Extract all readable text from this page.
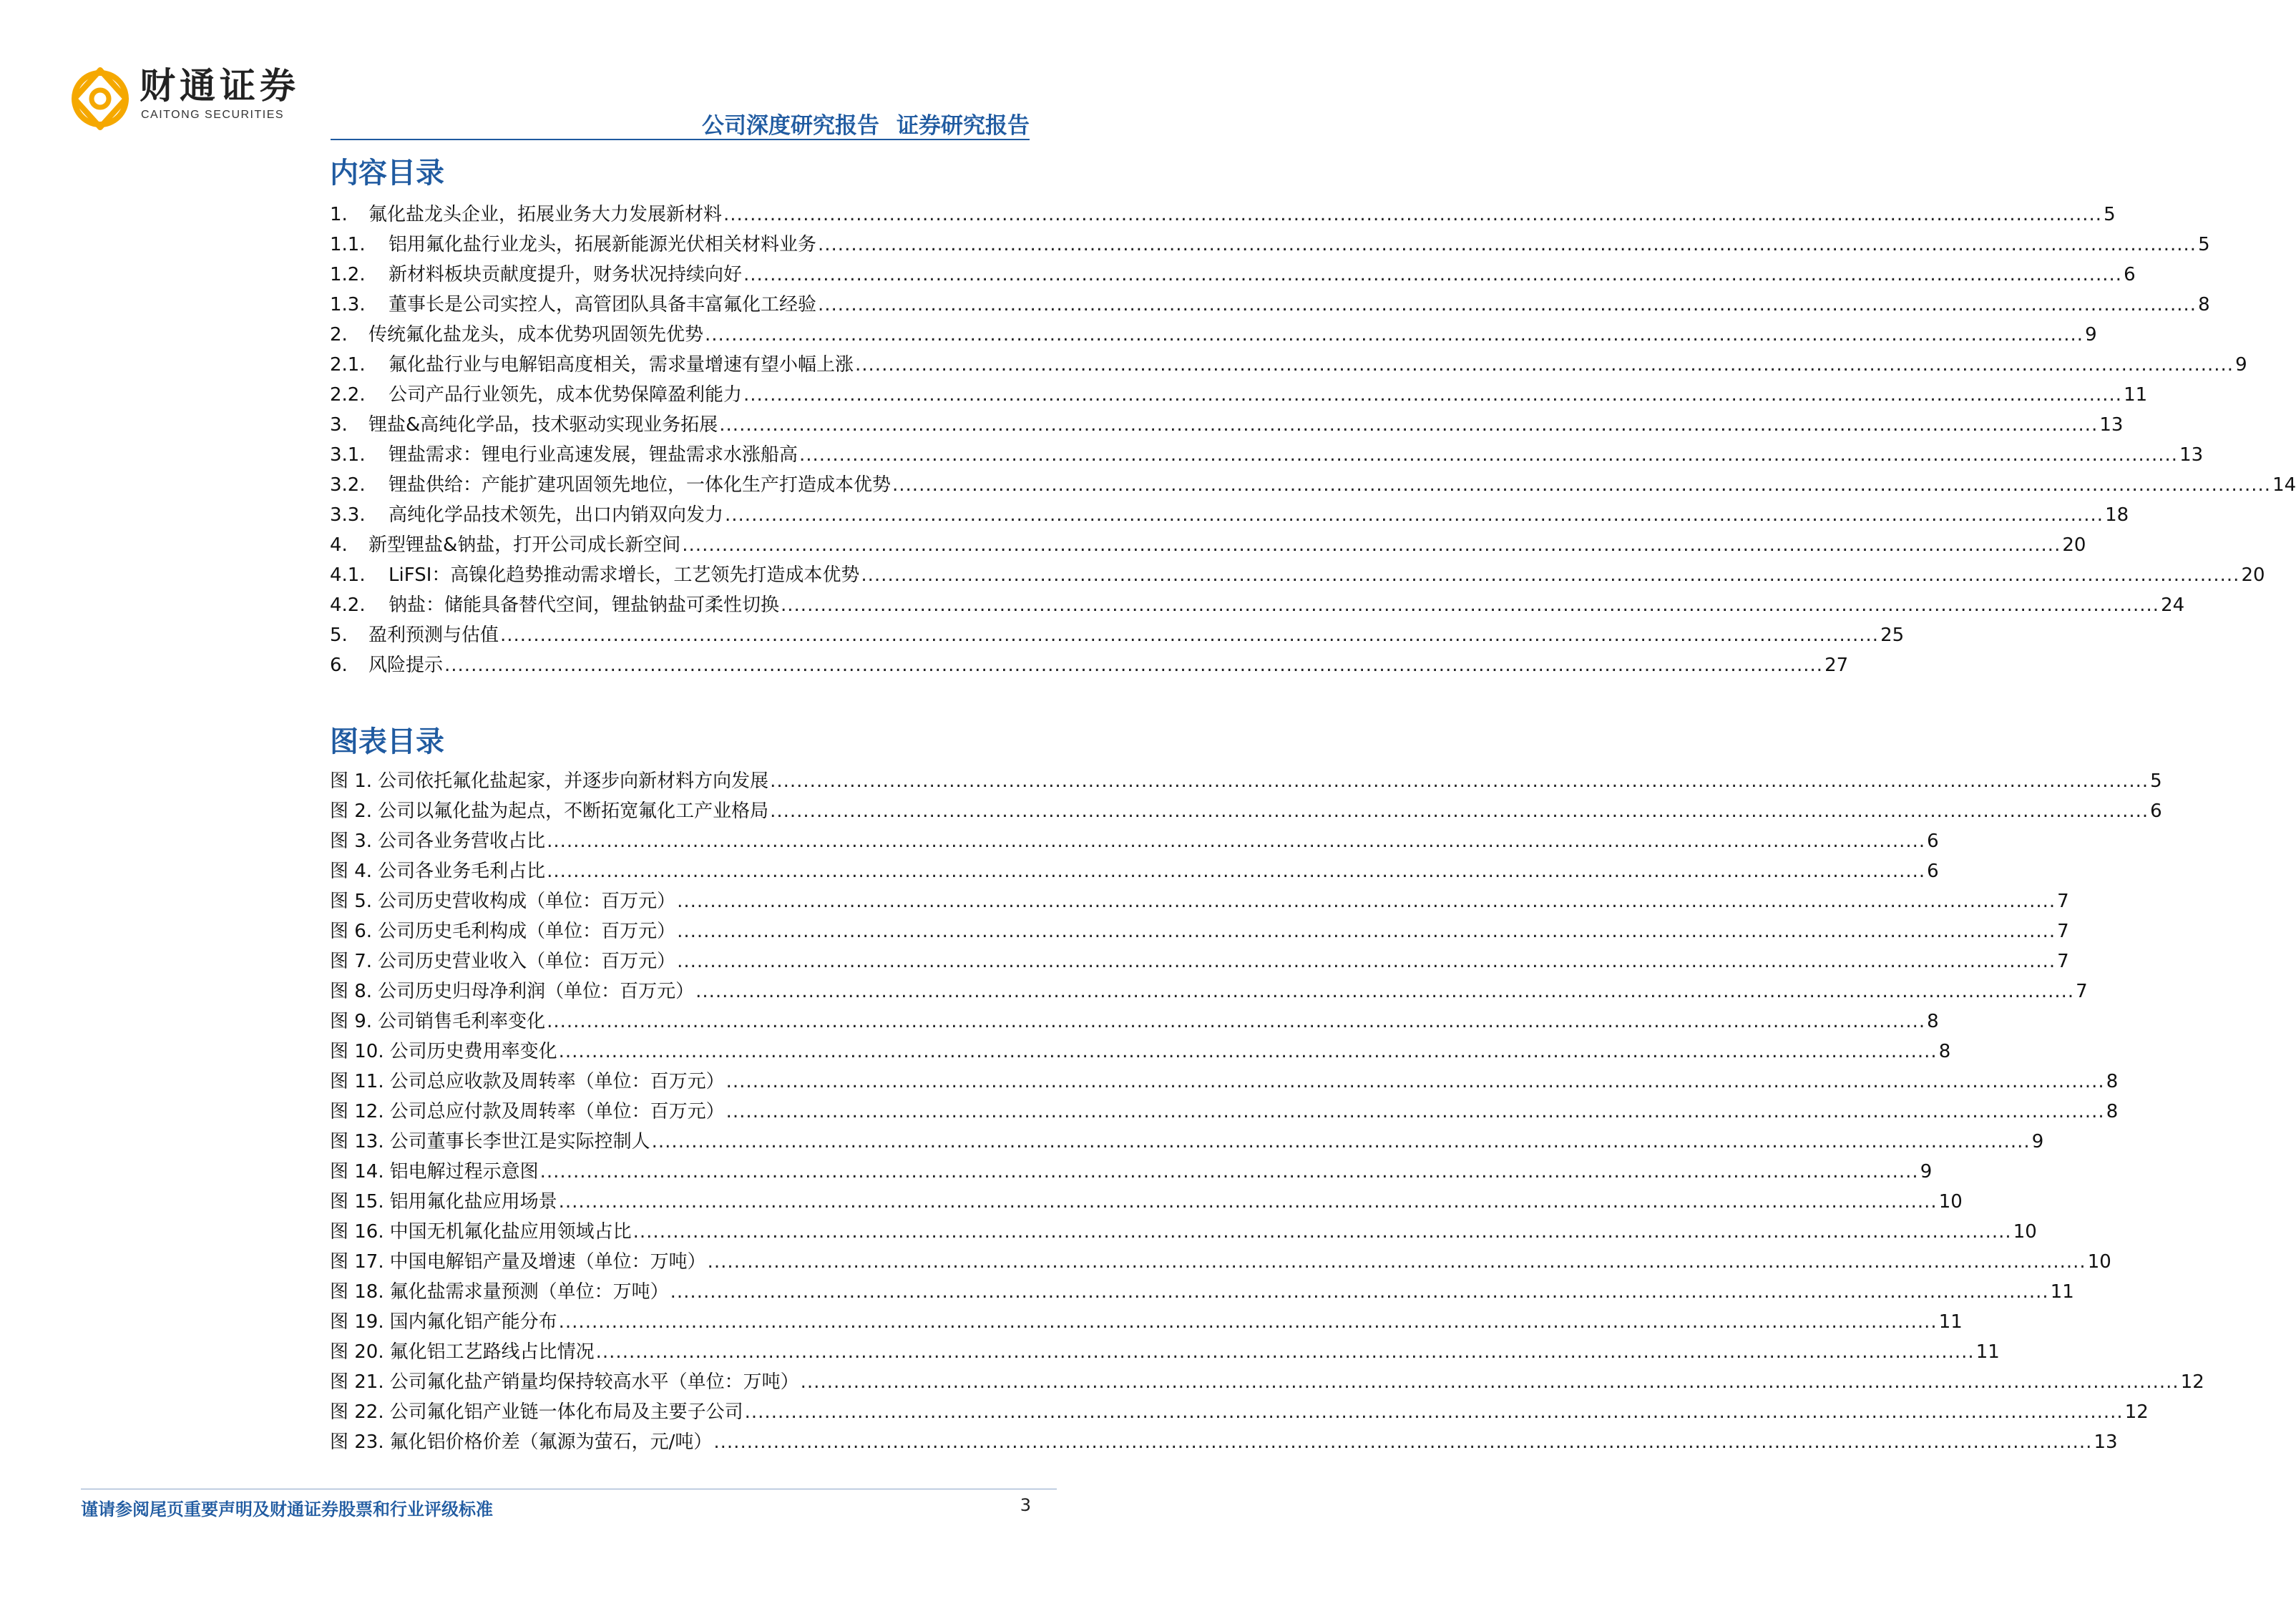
财通证券
CAITONG SECURITIES	公司深度研究报告 证券研究报告
内容目录
1.	氟化盐龙头企业，拓展业务大力发展新材料 .....	5
1.1.	铝用氟化盐行业龙头，拓展新能源光伏相关材料业务 .....	5
1.2.	新材料板块贡献度提升，财务状况持续向好 .....	6
1.3.	董事长是公司实控人，高管团队具备丰富氟化工经验 .....	8
2.	传统氟化盐龙头，成本优势巩固领先优势 .....	9
2.1.	氟化盐行业与电解铝高度相关，需求量增速有望小幅上涨 .....	9
2.2.	公司产品行业领先，成本优势保障盈利能力 .....	11
3.	锂盐&高纯化学品，技术驱动实现业务拓展 .....	13
3.1.	锂盐需求：锂电行业高速发展，锂盐需求水涨船高 .....	13
3.2.	锂盐供给：产能扩建巩固领先地位，一体化生产打造成本优势 .....	14
3.3.	高纯化学品技术领先，出口内销双向发力 .....	18
4.	新型锂盐&钠盐，打开公司成长新空间 .....	20
4.1.	LiFSI：高镍化趋势推动需求增长，工艺领先打造成本优势 .....	20
4.2.	钠盐：储能具备替代空间，锂盐钠盐可柔性切换 .....	24
5.	盈利预测与估值 .....	25
6.	风险提示 .....	27
图表目录
图 1. 公司依托氟化盐起家，并逐步向新材料方向发展 .....	5
图 2. 公司以氟化盐为起点，不断拓宽氟化工产业格局 .....	6
图 3. 公司各业务营收占比 .....	6
图 4. 公司各业务毛利占比 .....	6
图 5. 公司历史营收构成（单位：百万元） .....	7
图 6. 公司历史毛利构成（单位：百万元） .....	7
图 7. 公司历史营业收入（单位：百万元） .....	7
图 8. 公司历史归母净利润（单位：百万元） .....	7
图 9. 公司销售毛利率变化 .....	8
图 10. 公司历史费用率变化 .....	8
图 11. 公司总应收款及周转率（单位：百万元） .....	8
图 12. 公司总应付款及周转率（单位：百万元） .....	8
图 13. 公司董事长李世江是实际控制人 .....	9
图 14. 铝电解过程示意图 .....	9
图 15. 铝用氟化盐应用场景 .....	10
图 16. 中国无机氟化盐应用领域占比 .....	10
图 17. 中国电解铝产量及增速（单位：万吨） .....	10
图 18. 氟化盐需求量预测（单位：万吨） .....	11
图 19. 国内氟化铝产能分布 .....	11
图 20. 氟化铝工艺路线占比情况 .....	11
图 21. 公司氟化盐产销量均保持较高水平（单位：万吨） .....	12
图 22. 公司氟化铝产业链一体化布局及主要子公司 .....	12
图 23. 氟化铝价格价差（氟源为萤石，元/吨） .....	13
谨请参阅尾页重要声明及财通证券股票和行业评级标准	3
